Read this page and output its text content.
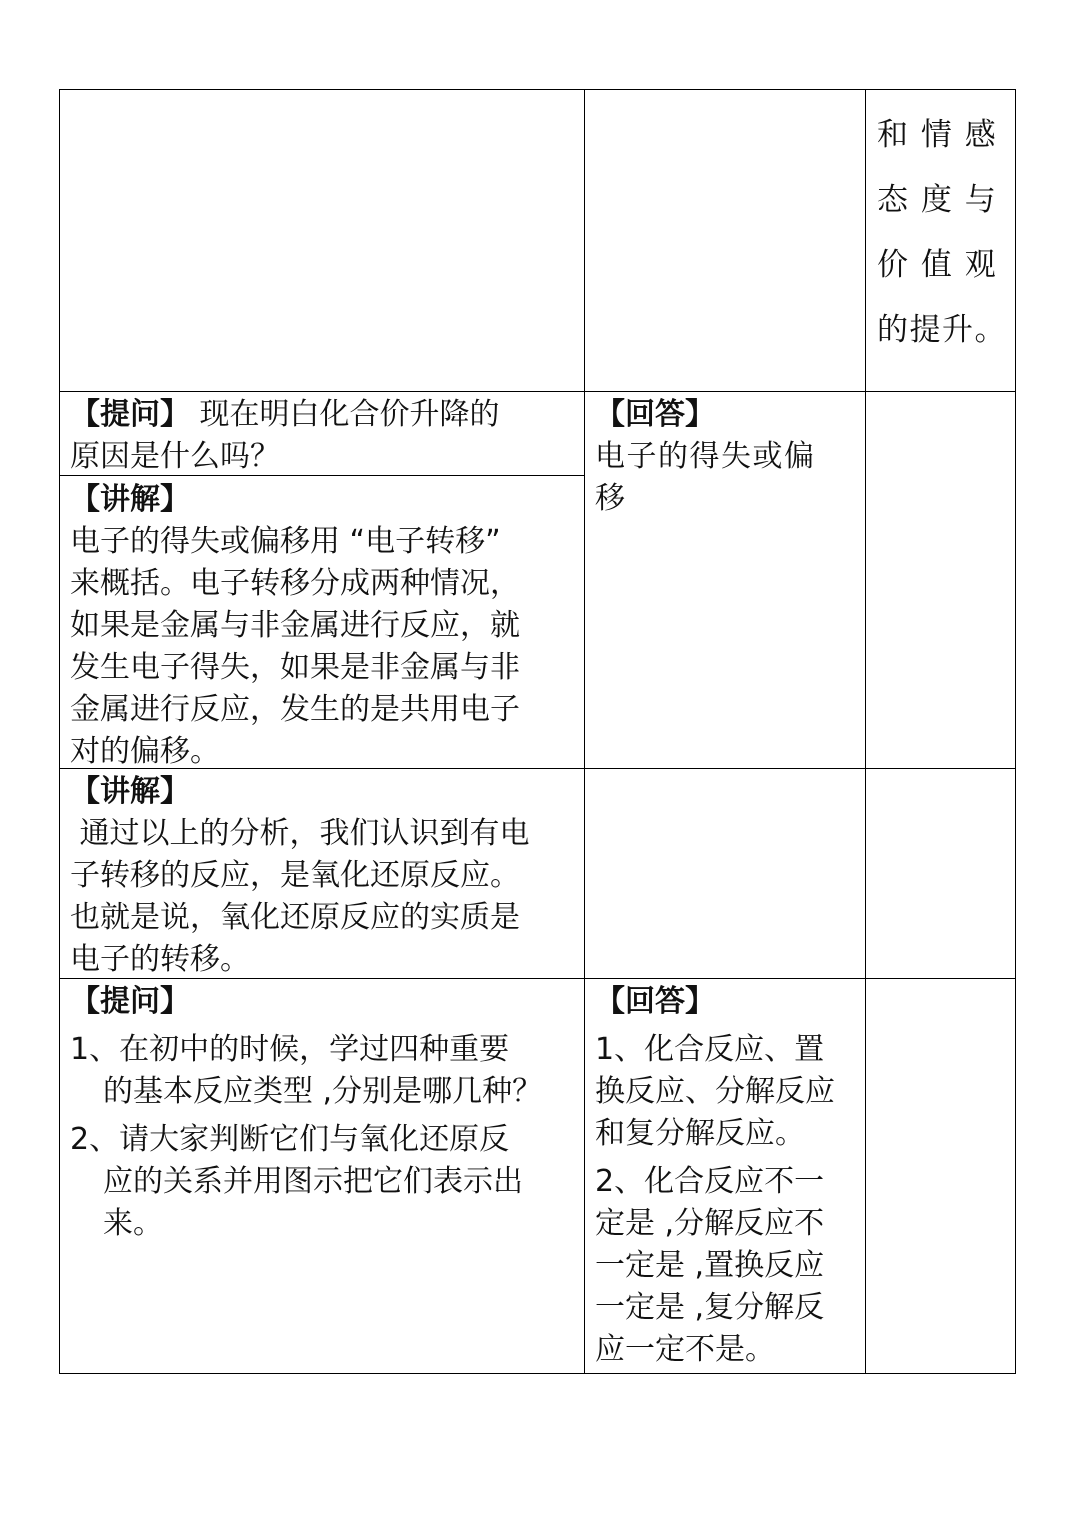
和 情 感
态 度 与
价 值 观
的提升。
【提问】 现在明白化合价升降的
原因是什么吗？
【讲解】
电子的得失或偏移用 “电子转移”
来概括。电子转移分成两种情况，
如果是金属与非金属进行反应，就
发生电子得失，如果是非金属与非
金属进行反应，发生的是共用电子
对的偏移。
【回答】
电子的得失或偏
移
【讲解】
通过以上的分析，我们认识到有电
子转移的反应，是氧化还原反应。
也就是说，氧化还原反应的实质是
电子的转移。
【提问】
1、在初中的时候，学过四种重要
的基本反应类型 ,分别是哪几种？
2、请大家判断它们与氧化还原反
应的关系并用图示把它们表示出
来。
【回答】
1、化合反应、置
换反应、分解反应
和复分解反应。
2、化合反应不一
定是 ,分解反应不
一定是 ,置换反应
一定是 ,复分解反
应一定不是。
